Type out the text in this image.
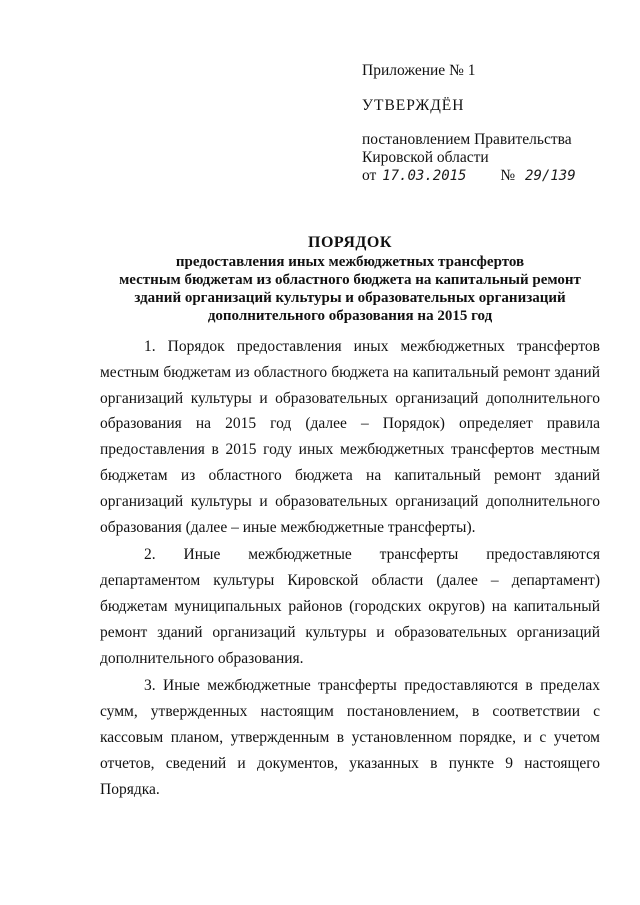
Приложение № 1
УТВЕРЖДЁН
постановлением Правительства
Кировской области
от 17.03.2015 № 29/139
ПОРЯДОК
предоставления иных межбюджетных трансфертов
местным бюджетам из областного бюджета на капитальный ремонт
зданий организаций культуры и образовательных организаций
дополнительного образования на 2015 год

1. Порядок предоставления иных межбюджетных трансфертов местным бюджетам из областного бюджета на капитальный ремонт зданий организаций культуры и образовательных организаций дополнительного образования на 2015 год (далее – Порядок) определяет правила предоставления в 2015 году иных межбюджетных трансфертов местным бюджетам из областного бюджета на капитальный ремонт зданий организаций культуры и образовательных организаций дополнительного образования (далее – иные межбюджетные трансферты).

2. Иные межбюджетные трансферты предоставляются департаментом культуры Кировской области (далее – департамент) бюджетам муниципальных районов (городских округов) на капитальный ремонт зданий организаций культуры и образовательных организаций дополнительного образования.

3. Иные межбюджетные трансферты предоставляются в пределах сумм, утвержденных настоящим постановлением, в соответствии с кассовым планом, утвержденным в установленном порядке, и с учетом отчетов, сведений и документов, указанных в пункте 9 настоящего Порядка.
